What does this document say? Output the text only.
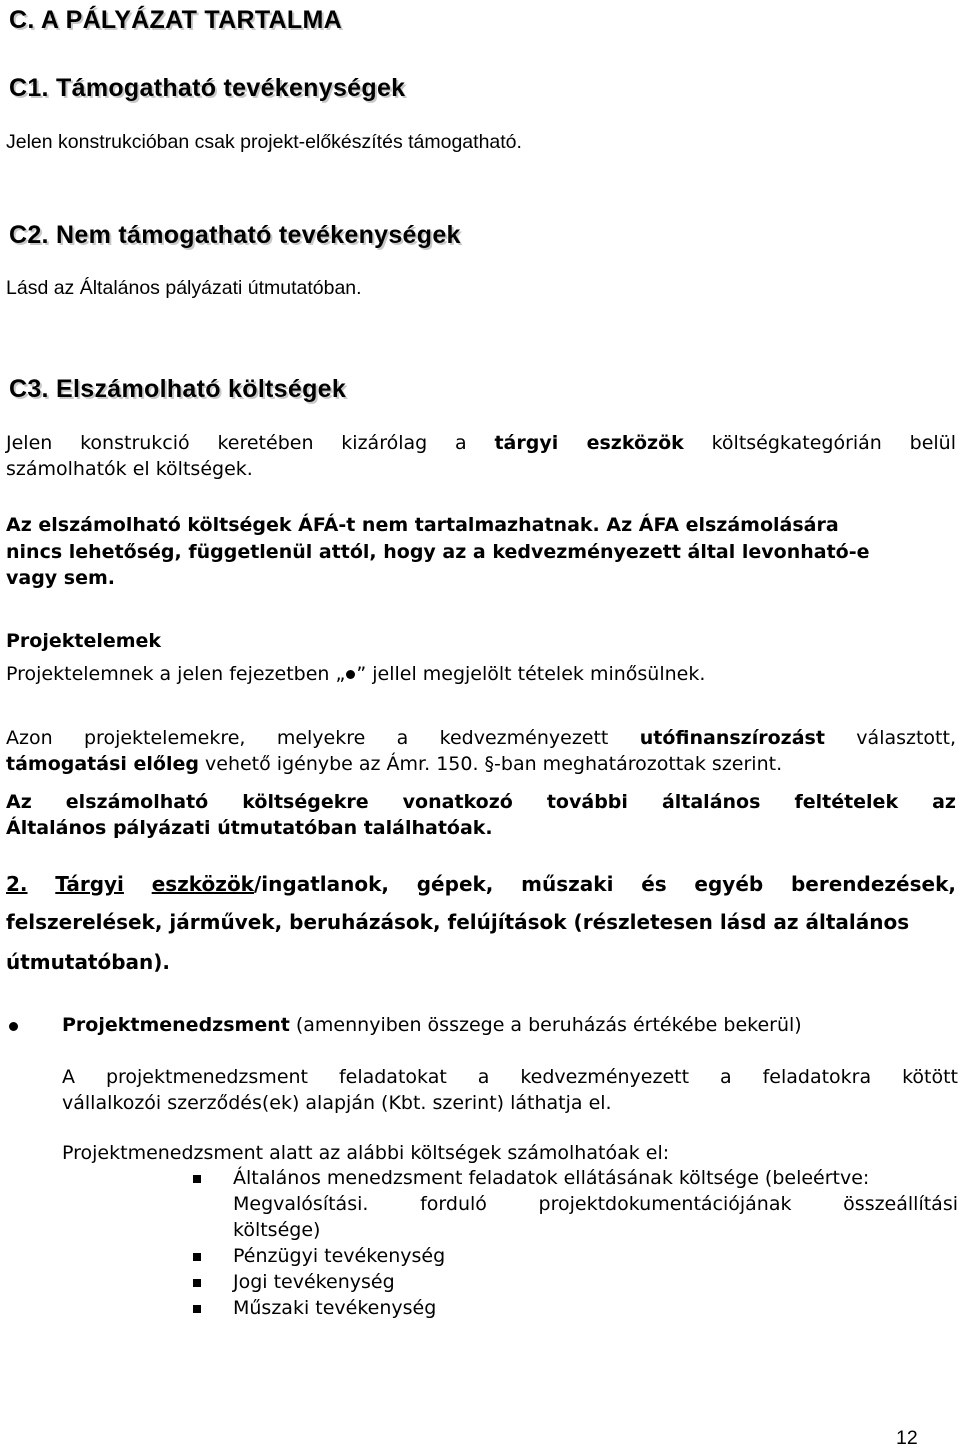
C. A PÁLYÁZAT TARTALMA
C1. Támogatható tevékenységek
Jelen konstrukcióban csak projekt-előkészítés támogatható.
C2. Nem támogatható tevékenységek
Lásd az Általános pályázati útmutatóban.
C3. Elszámolható költségek
Jelen konstrukció keretében kizárólag a tárgyi eszközök költségkategórián belül
számolhatók el költségek.
Az elszámolható költségek ÁFÁ-t nem tartalmazhatnak. Az ÁFA elszámolására
nincs lehetőség, függetlenül attól, hogy az a kedvezményezett által levonható-e
vagy sem.
Projektelemek
Projektelemnek a jelen fejezetben „ ” jellel megjelölt tételek minősülnek.
Azon projektelemekre, melyekre a kedvezményezett utófinanszírozást választott,
támogatási előleg vehető igénybe az Ámr. 150. §-ban meghatározottak szerint.
Az elszámolható költségekre vonatkozó további általános feltételek az
Általános pályázati útmutatóban találhatóak.
2. Tárgyi eszközök/ingatlanok, gépek, műszaki és egyéb berendezések,
felszerelések, járművek, beruházások, felújítások (részletesen lásd az általános
útmutatóban).
Projektmenedzsment (amennyiben összege a beruházás értékébe bekerül)
A projektmenedzsment feladatokat a kedvezményezett a feladatokra kötött
vállalkozói szerződés(ek) alapján (Kbt. szerint) láthatja el.
Projektmenedzsment alatt az alábbi költségek számolhatóak el:
Általános menedzsment feladatok ellátásának költsége (beleértve:
Megvalósítási. forduló projektdokumentációjának összeállítási
költsége)
Pénzügyi tevékenység
Jogi tevékenység
Műszaki tevékenység
12
